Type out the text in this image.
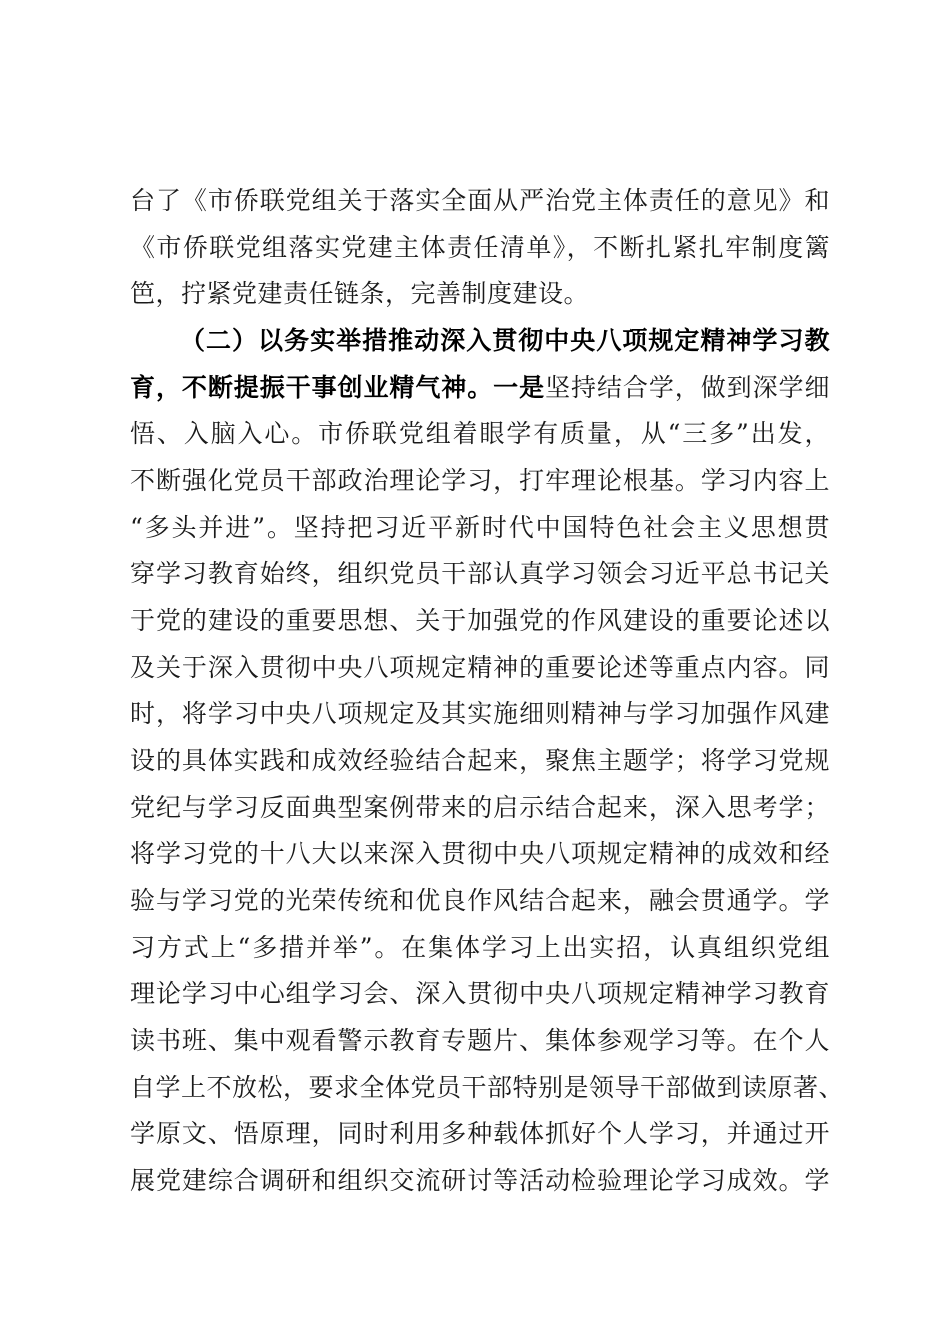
台了《市侨联党组关于落实全面从严治党主体责任的意见》和
《市侨联党组落实党建主体责任清单》，不断扎紧扎牢制度篱
笆，拧紧党建责任链条，完善制度建设。
（二）以务实举措推动深入贯彻中央八项规定精神学习教
育，不断提振干事创业精气神。一是坚持结合学，做到深学细
悟、入脑入心。市侨联党组着眼学有质量，从“三多”出发，
不断强化党员干部政治理论学习，打牢理论根基。学习内容上
“多头并进”。坚持把习近平新时代中国特色社会主义思想贯
穿学习教育始终，组织党员干部认真学习领会习近平总书记关
于党的建设的重要思想、关于加强党的作风建设的重要论述以
及关于深入贯彻中央八项规定精神的重要论述等重点内容。同
时，将学习中央八项规定及其实施细则精神与学习加强作风建
设的具体实践和成效经验结合起来，聚焦主题学；将学习党规
党纪与学习反面典型案例带来的启示结合起来，深入思考学；
将学习党的十八大以来深入贯彻中央八项规定精神的成效和经
验与学习党的光荣传统和优良作风结合起来，融会贯通学。学
习方式上“多措并举”。在集体学习上出实招，认真组织党组
理论学习中心组学习会、深入贯彻中央八项规定精神学习教育
读书班、集中观看警示教育专题片、集体参观学习等。在个人
自学上不放松，要求全体党员干部特别是领导干部做到读原著、
学原文、悟原理，同时利用多种载体抓好个人学习，并通过开
展党建综合调研和组织交流研讨等活动检验理论学习成效。学
